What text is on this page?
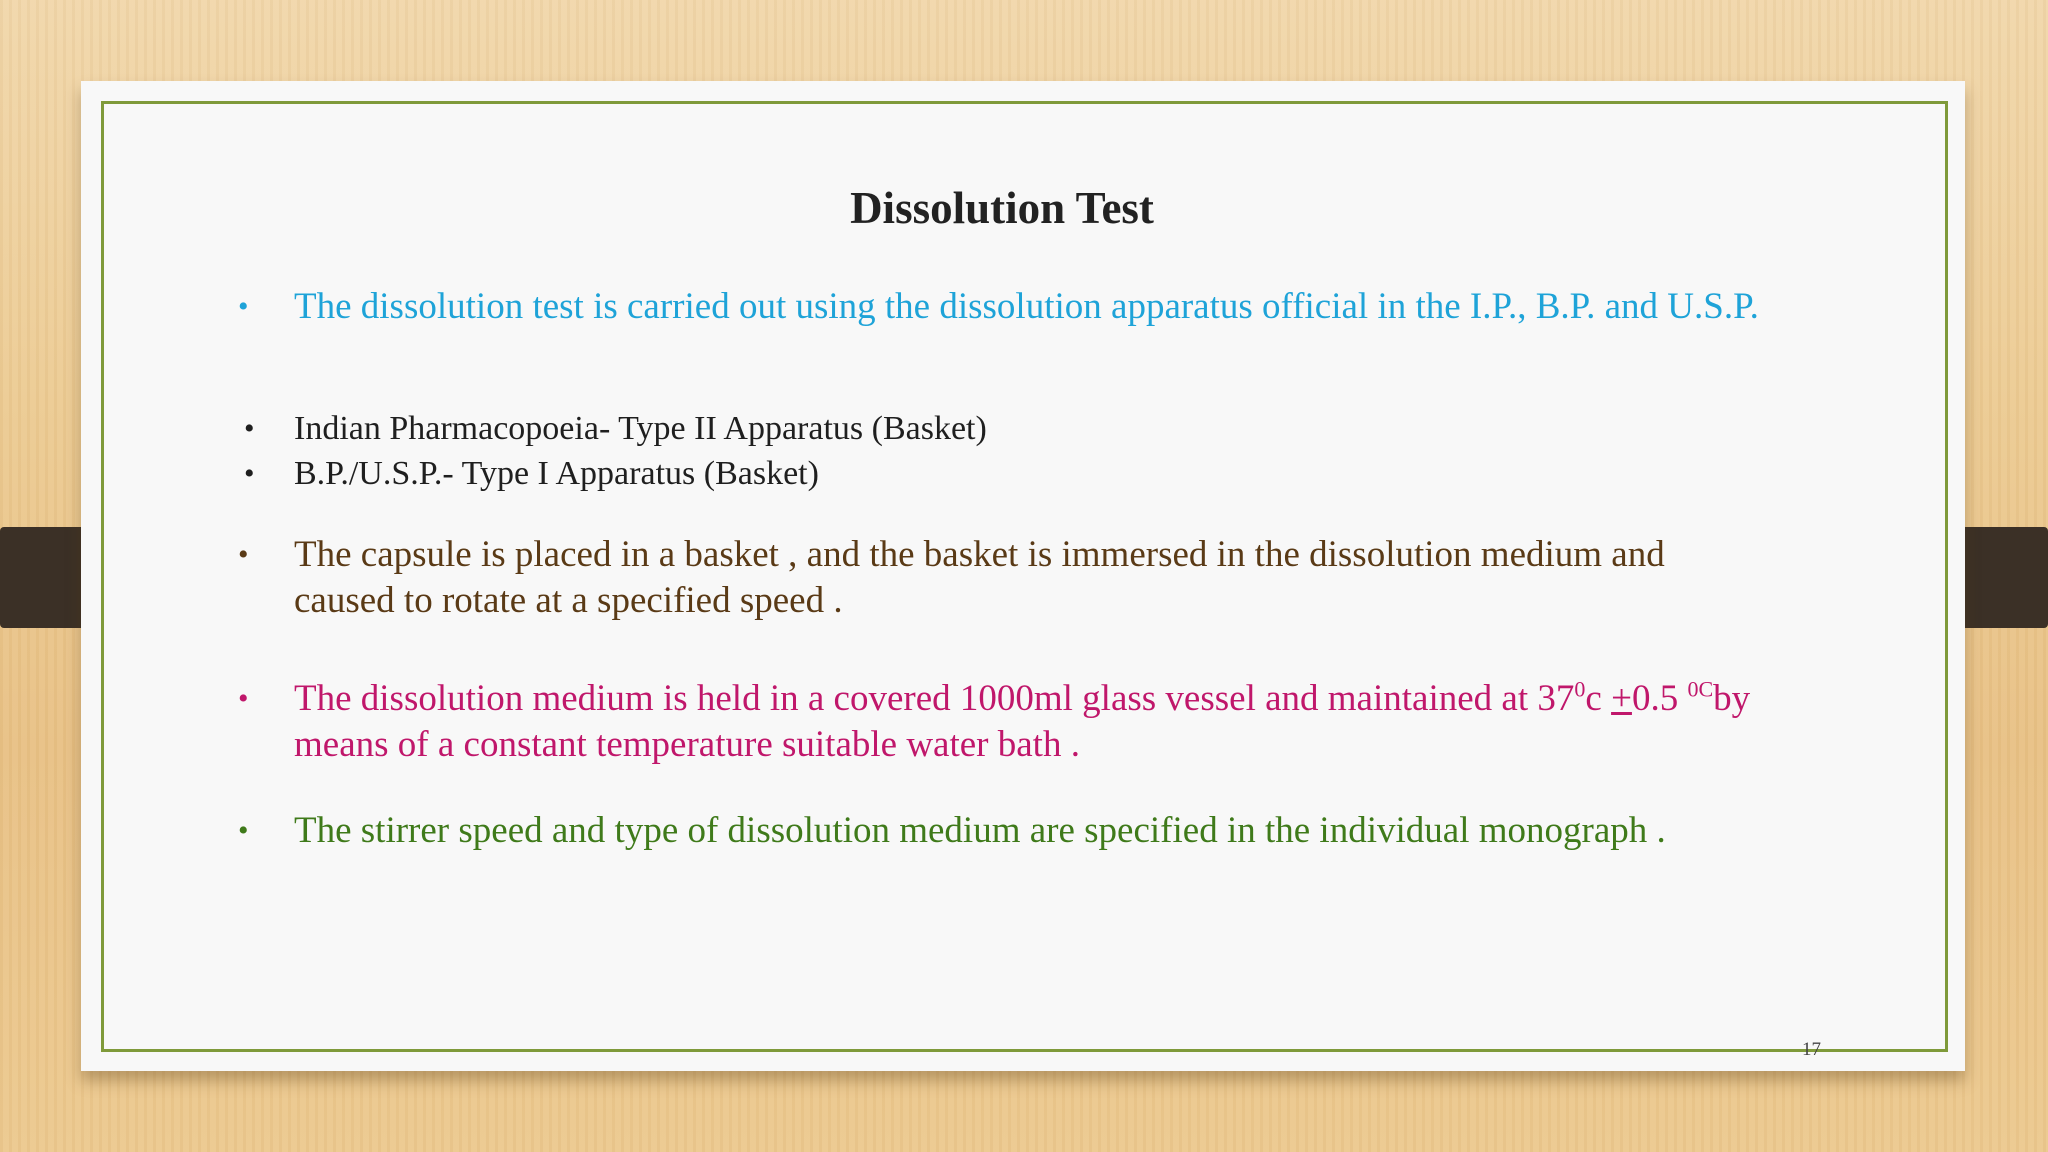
Dissolution Test

• The dissolution test is carried out using the dissolution apparatus official in the I.P., B.P. and U.S.P.

• Indian Pharmacopoeia- Type II Apparatus (Basket)

• B.P./U.S.P.- Type I Apparatus (Basket)

• The capsule is placed in a basket , and the basket is immersed in the dissolution medium and caused to rotate at a specified speed .

• The dissolution medium is held in a covered 1000ml glass vessel and maintained at $37^0c +0.5$ $^{0C}$by means of a constant temperature suitable water bath .

• The stirrer speed and type of dissolution medium are specified in the individual monograph .

17
